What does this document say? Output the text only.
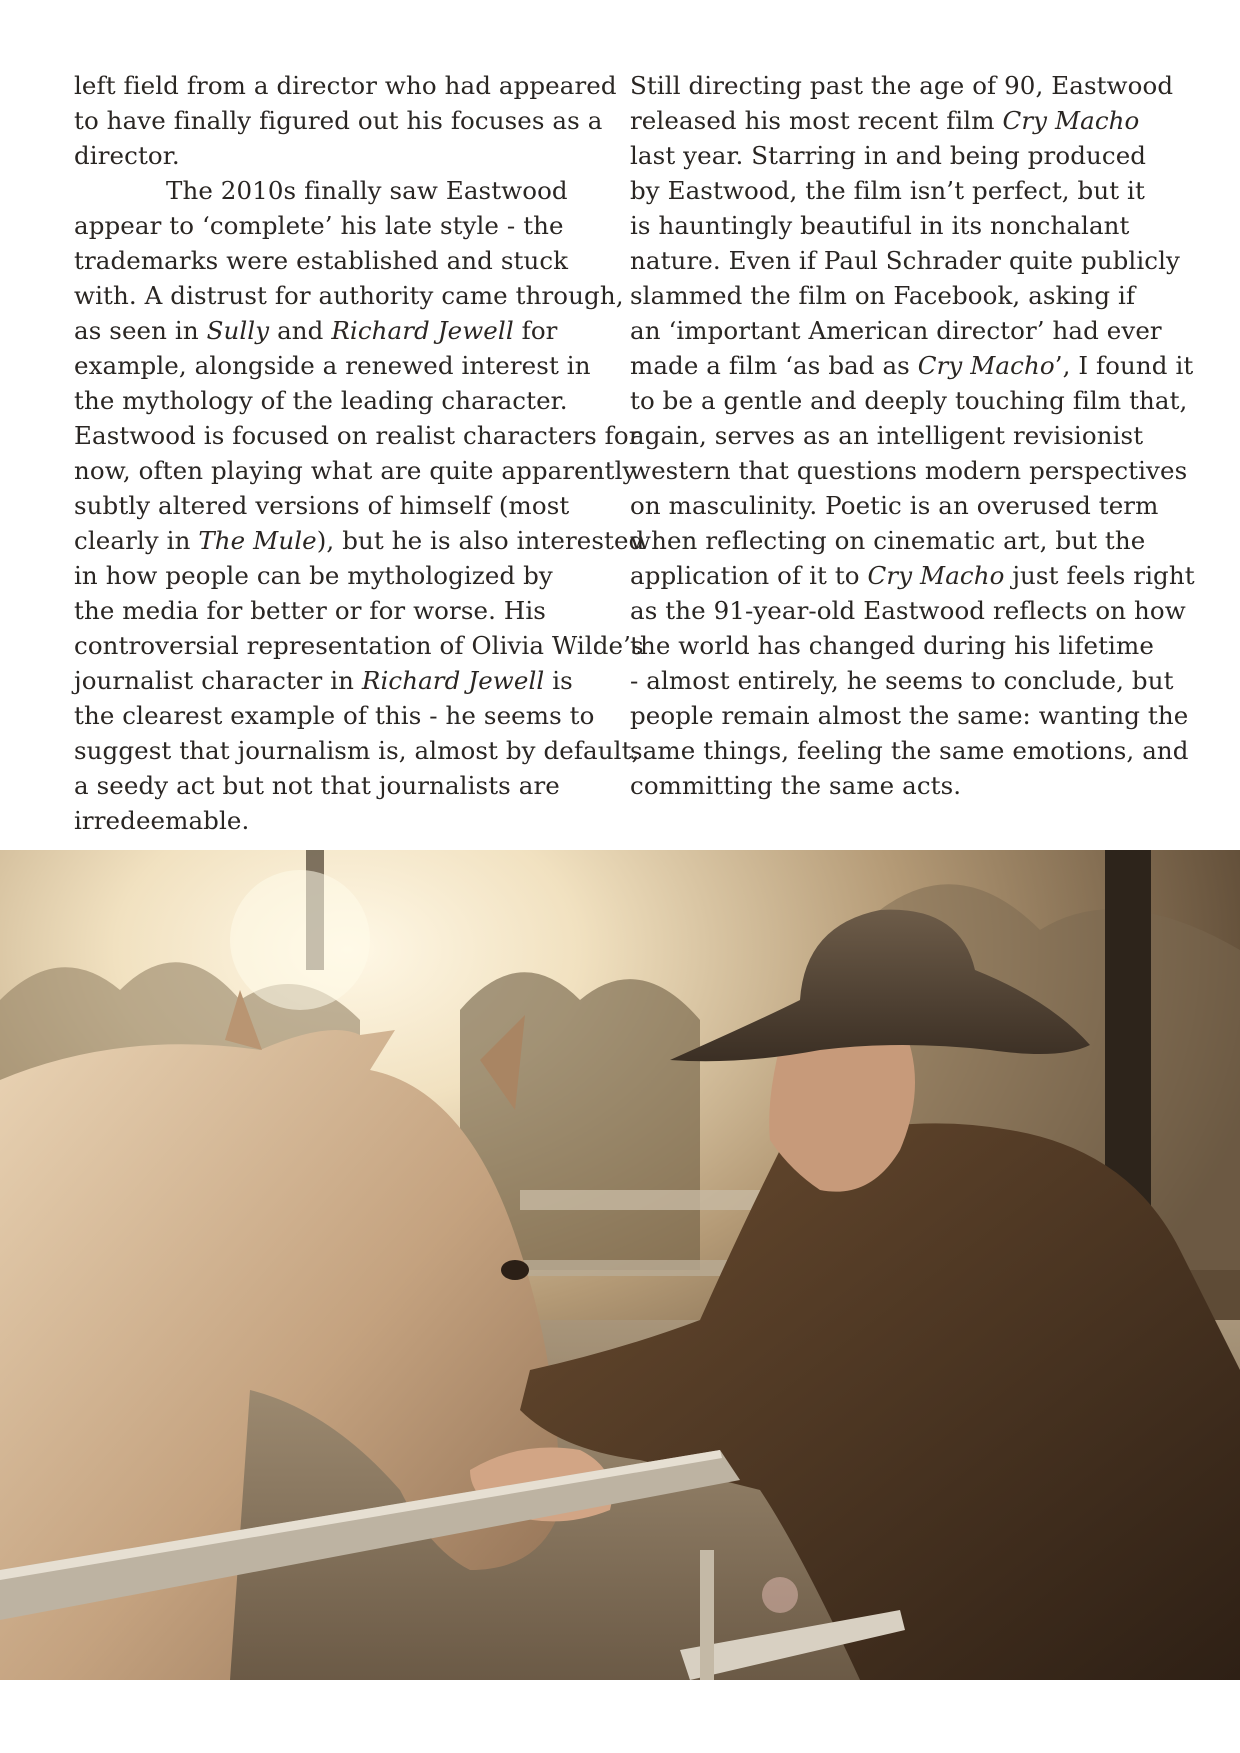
left field from a director who had appeared
to have finally figured out his focuses as a
director.
The 2010s finally saw Eastwood
appear to ‘complete’ his late style - the
trademarks were established and stuck
with. A distrust for authority came through,
as seen in Sully and Richard Jewell for
example, alongside a renewed interest in
the mythology of the leading character.
Eastwood is focused on realist characters for
now, often playing what are quite apparently
subtly altered versions of himself (most
clearly in The Mule), but he is also interested
in how people can be mythologized by
the media for better or for worse. His
controversial representation of Olivia Wilde’s
journalist character in Richard Jewell is
the clearest example of this - he seems to
suggest that journalism is, almost by default,
a seedy act but not that journalists are
irredeemable.
Still directing past the age of 90, Eastwood
released his most recent film Cry Macho
last year. Starring in and being produced
by Eastwood, the film isn’t perfect, but it
is hauntingly beautiful in its nonchalant
nature. Even if Paul Schrader quite publicly
slammed the film on Facebook, asking if
an ‘important American director’ had ever
made a film ‘as bad as Cry Macho’, I found it
to be a gentle and deeply touching film that,
again, serves as an intelligent revisionist
western that questions modern perspectives
on masculinity. Poetic is an overused term
when reflecting on cinematic art, but the
application of it to Cry Macho just feels right
as the 91-year-old Eastwood reflects on how
the world has changed during his lifetime
- almost entirely, he seems to conclude, but
people remain almost the same: wanting the
same things, feeling the same emotions, and
committing the same acts.
